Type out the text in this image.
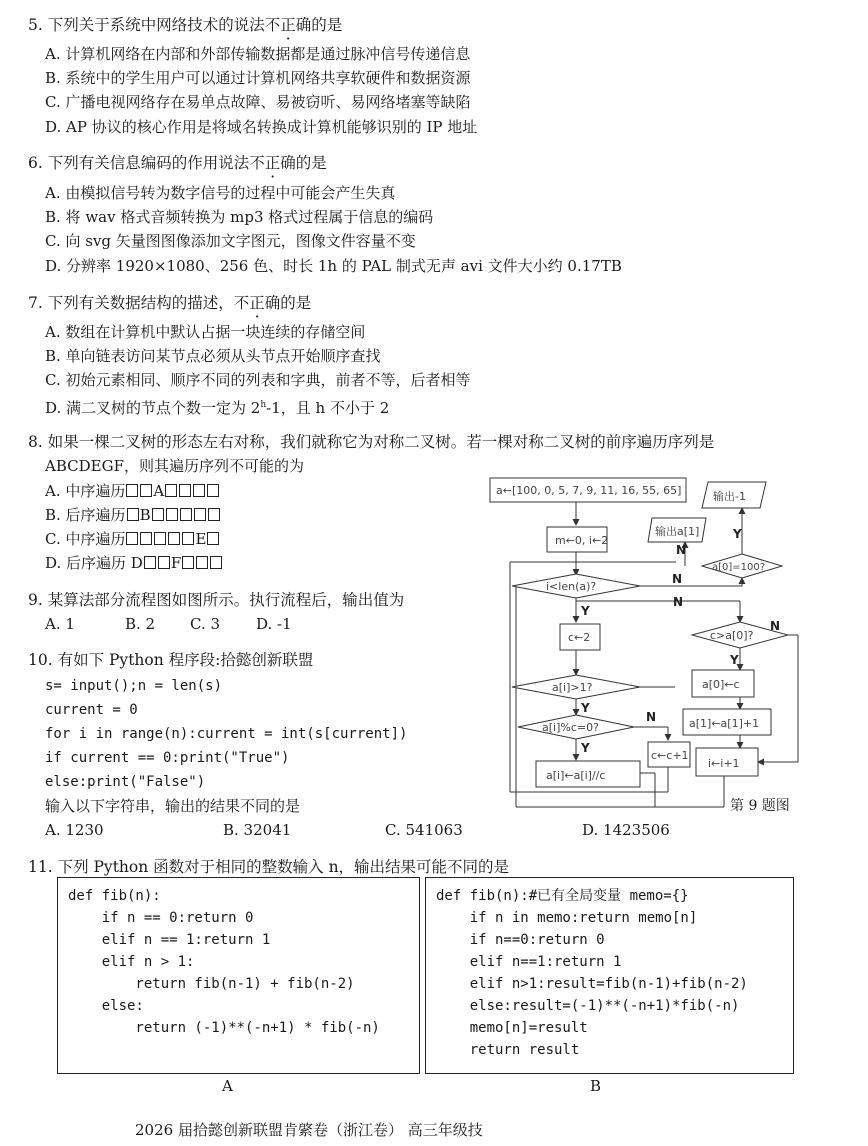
5. 下列关于系统中网络技术的说法不正确的是
A. 计算机网络在内部和外部传输数据都是通过脉冲信号传递信息
B. 系统中的学生用户可以通过计算机网络共享软硬件和数据资源
C. 广播电视网络存在易单点故障、易被窃听、易网络堵塞等缺陷
D. AP 协议的核心作用是将域名转换成计算机能够识别的 IP 地址
6. 下列有关信息编码的作用说法不正确的是
A. 由模拟信号转为数字信号的过程中可能会产生失真
B. 将 wav 格式音频转换为 mp3 格式过程属于信息的编码
C. 向 svg 矢量图图像添加文字图元，图像文件容量不变
D. 分辨率 1920×1080、256 色、时长 1h 的 PAL 制式无声 avi 文件大小约 0.17TB
7. 下列有关数据结构的描述，不正确的是
A. 数组在计算机中默认占据一块连续的存储空间
B. 单向链表访问某节点必须从头节点开始顺序查找
C. 初始元素相同、顺序不同的列表和字典，前者不等，后者相等
D. 满二叉树的节点个数一定为 2$^h$-1，且 h 不小于 2
8. 如果一棵二叉树的形态左右对称，我们就称它为对称二叉树。若一棵对称二叉树的前序遍历序列是
ABCDEGF，则其遍历序列不可能的为
A. 中序遍历 A
B. 后序遍历 B
C. 中序遍历	E
D. 后序遍历 D F
9. 某算法部分流程图如图所示。执行流程后，输出值为
A. 1	B. 2 C. 3 D. -1
10. 有如下 Python 程序段:拾懿创新联盟
s= input();n = len(s)
current = 0
for i in range(n):current = int(s[current])
if current == 0:print("True")
else:print("False")
输入以下字符串，输出的结果不同的是
A. 1230	B. 32041	C. 541063	D. 1423506
a←[100, 0, 5, 7, 9, 11, 16, 55, 65]	输出-1
m←0, i←2
输出a[1]
a[0]=100?
i<len(a)?
c←2	c>a[0]?
a[i]>1?	a[0]←c
a[i]%c=0?	a[1]←a[1]+1
c←c+1
i←i+1
a[i]←a[i]//c
Y
N
N
Y
N
N
Y
Y
N
Y
第 9 题图
11. 下列 Python 函数对于相同的整数输入 n，输出结果可能不同的是
def fib(n):
if n == 0:return 0
elif n == 1:return 1
elif n > 1:
return fib(n-1) + fib(n-2)
else:
return (-1)**(-n+1) * fib(-n)
def fib(n):#已有全局变量 memo={}
if n in memo:return memo[n]
if n==0:return 0
elif n==1:return 1
elif n>1:result=fib(n-1)+fib(n-2)
else:result=(-1)**(-n+1)*fib(-n)
memo[n]=result
return result
A	B
2026 届拾懿创新联盟肯綮卷（浙江卷） 高三年级技
